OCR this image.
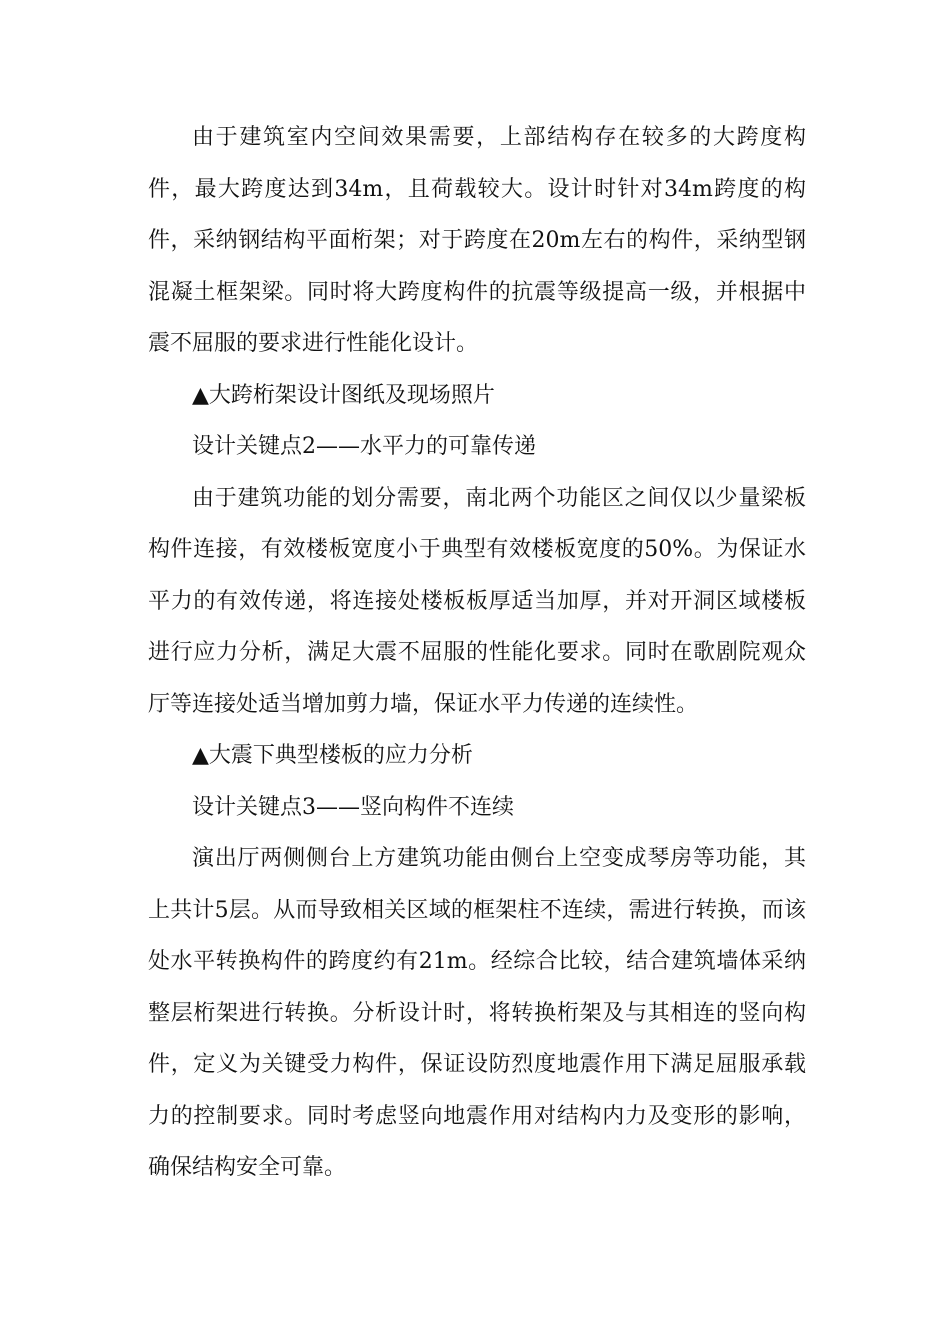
由于建筑室内空间效果需要，上部结构存在较多的大跨度构件，最大跨度达到34m，且荷载较大。设计时针对34m跨度的构件，采纳钢结构平面桁架；对于跨度在20m左右的构件，采纳型钢混凝土框架梁。同时将大跨度构件的抗震等级提高一级，并根据中震不屈服的要求进行性能化设计。

▲大跨桁架设计图纸及现场照片

设计关键点2——水平力的可靠传递

由于建筑功能的划分需要，南北两个功能区之间仅以少量梁板构件连接，有效楼板宽度小于典型有效楼板宽度的50%。为保证水平力的有效传递，将连接处楼板板厚适当加厚，并对开洞区域楼板进行应力分析，满足大震不屈服的性能化要求。同时在歌剧院观众厅等连接处适当增加剪力墙，保证水平力传递的连续性。

▲大震下典型楼板的应力分析

设计关键点3——竖向构件不连续

演出厅两侧侧台上方建筑功能由侧台上空变成琴房等功能，其上共计5层。从而导致相关区域的框架柱不连续，需进行转换，而该处水平转换构件的跨度约有21m。经综合比较，结合建筑墙体采纳整层桁架进行转换。分析设计时，将转换桁架及与其相连的竖向构件，定义为关键受力构件，保证设防烈度地震作用下满足屈服承载力的控制要求。同时考虑竖向地震作用对结构内力及变形的影响，确保结构安全可靠。
